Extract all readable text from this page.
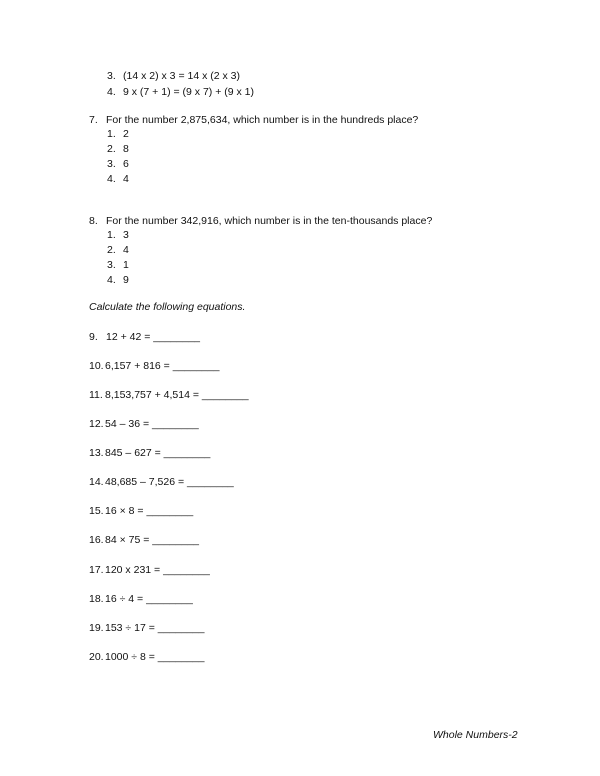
3. (14 x 2) x 3 = 14 x (2 x 3)
4. 9 x (7 + 1) = (9 x 7) + (9 x 1)
7. For the number 2,875,634, which number is in the hundreds place?
1. 2
2. 8
3. 6
4. 4
8. For the number 342,916, which number is in the ten-thousands place?
1. 3
2. 4
3. 1
4. 9
Calculate the following equations.
9. 12 + 42 = ________
10.6,157 + 816 = ________
11. 8,153,757 + 4,514 = ________
12.54 – 36 = ________
13.845 – 627 = ________
14.48,685 – 7,526 = ________
15.16 × 8 = ________
16.84 × 75 = ________
17.120 x 231 = ________
18.16 ÷ 4 = ________
19.153 ÷ 17 = ________
20.1000 ÷ 8 = ________
Whole Numbers-2
